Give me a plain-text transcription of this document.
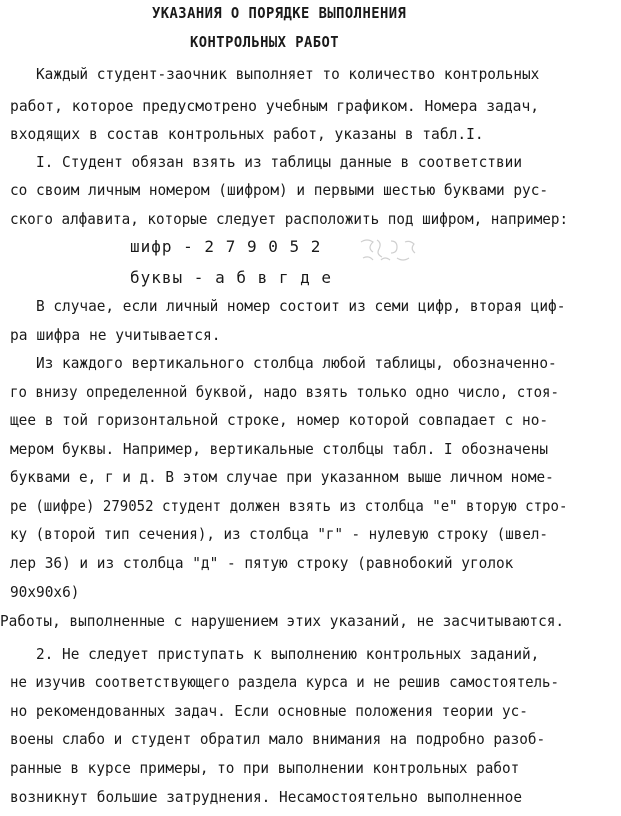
УКАЗАНИЯ О ПОРЯДКЕ ВЫПОЛНЕНИЯ
КОНТРОЛЬНЫХ РАБОТ
Каждый студент-заочник выполняет то количество контрольных
работ, которое предусмотрено учебным графиком. Номера задач,
входящих в состав контрольных работ, указаны в табл.I.
I. Студент обязан взять из таблицы данные в соответствии
со своим личным номером (шифром) и первыми шестью буквами рус-
ского алфавита, которые следует расположить под шифром, например:
шифр - 2 7 9 0 5 2
буквы - а б в г д е
В случае, если личный номер состоит из семи цифр, вторая циф-
ра шифра не учитывается.
Из каждого вертикального столбца любой таблицы, обозначенно-
го внизу определенной буквой, надо взять только одно число, стоя-
щее в той горизонтальной строке, номер которой совпадает с но-
мером буквы. Например, вертикальные столбцы табл. I обозначены
буквами е, г и д. В этом случае при указанном выше личном номе-
ре (шифре) 279052 студент должен взять из столбца "е" вторую стро-
ку (второй тип сечения), из столбца "г" - нулевую строку (швел-
лер 36) и из столбца "д" - пятую строку (равнобокий уголок
90x90x6)
Работы, выполненные с нарушением этих указаний, не засчитываются.
2. Не следует приступать к выполнению контрольных заданий,
не изучив соответствующего раздела курса и не решив самостоятель-
но рекомендованных задач. Если основные положения теории ус-
воены слабо и студент обратил мало внимания на подробно разоб-
ранные в курсе примеры, то при выполнении контрольных работ
возникнут большие затруднения. Несамостоятельно выполненное
